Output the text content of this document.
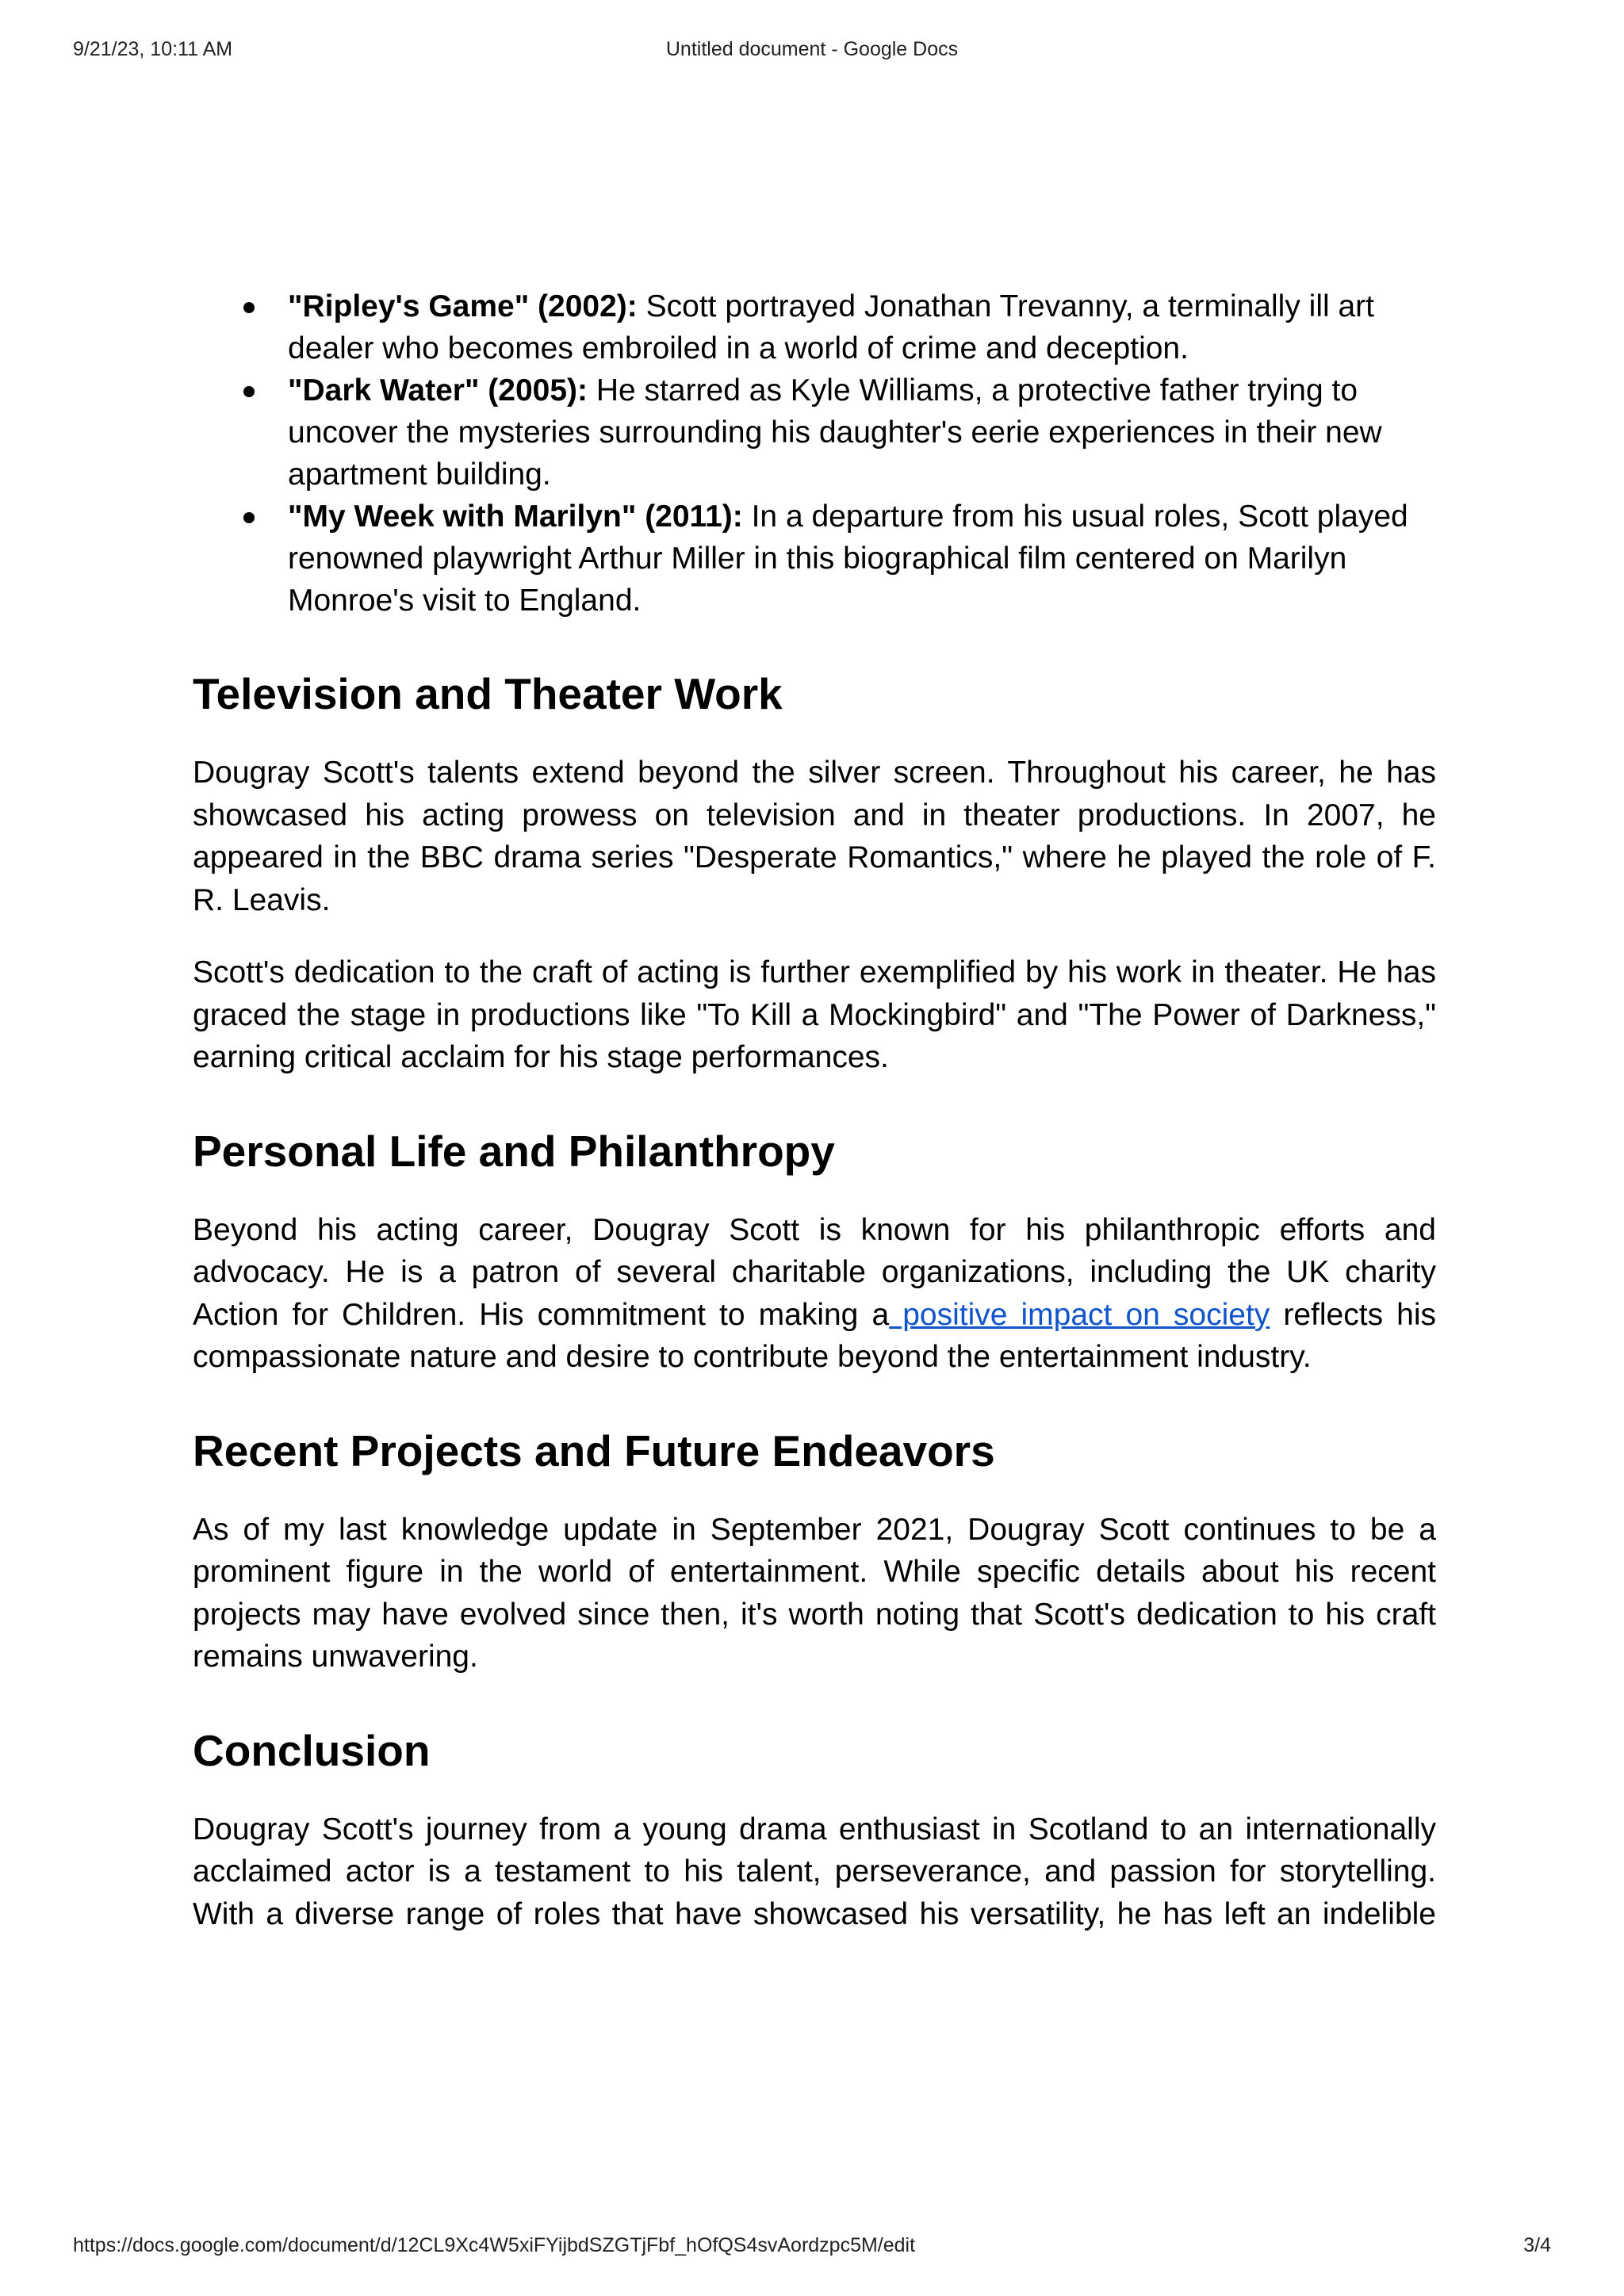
9/21/23, 10:11 AM	Untitled document - Google Docs
"Ripley's Game" (2002): Scott portrayed Jonathan Trevanny, a terminally ill art dealer who becomes embroiled in a world of crime and deception.
"Dark Water" (2005): He starred as Kyle Williams, a protective father trying to uncover the mysteries surrounding his daughter's eerie experiences in their new apartment building.
"My Week with Marilyn" (2011): In a departure from his usual roles, Scott played renowned playwright Arthur Miller in this biographical film centered on Marilyn Monroe's visit to England.
Television and Theater Work

Dougray Scott's talents extend beyond the silver screen. Throughout his career, he has showcased his acting prowess on television and in theater productions. In 2007, he appeared in the BBC drama series "Desperate Romantics," where he played the role of F. R. Leavis.

Scott's dedication to the craft of acting is further exemplified by his work in theater. He has graced the stage in productions like "To Kill a Mockingbird" and "The Power of Darkness," earning critical acclaim for his stage performances.

Personal Life and Philanthropy

Beyond his acting career, Dougray Scott is known for his philanthropic efforts and advocacy. He is a patron of several charitable organizations, including the UK charity Action for Children. His commitment to making a positive impact on society reflects his compassionate nature and desire to contribute beyond the entertainment industry.

Recent Projects and Future Endeavors

As of my last knowledge update in September 2021, Dougray Scott continues to be a prominent figure in the world of entertainment. While specific details about his recent projects may have evolved since then, it's worth noting that Scott's dedication to his craft remains unwavering.

Conclusion

Dougray Scott's journey from a young drama enthusiast in Scotland to an internationally acclaimed actor is a testament to his talent, perseverance, and passion for storytelling. With a diverse range of roles that have showcased his versatility, he has left an indelible

https://docs.google.com/document/d/12CL9Xc4W5xiFYijbdSZGTjFbf_hOfQS4svAordzpc5M/edit	3/4
